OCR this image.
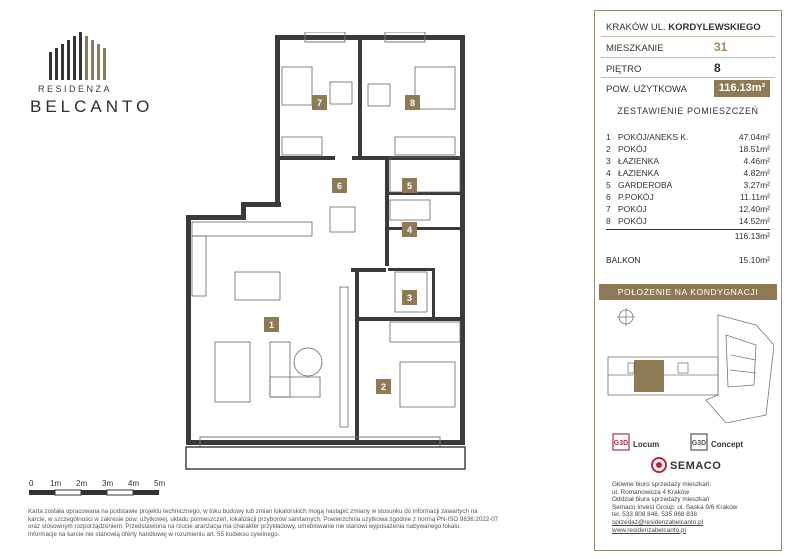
RESIDENZA
BELCANTO
1
2
3
4
5
6
7	8
0 1m 2m 3m 4m 5m
Karta została opracowana na podstawie projektu technicznego, w toku budowy lub zmian lokatorskich mogą nastąpić zmiany w stosunku do informacji zawartych na
karcie, w szczególności w zakresie pow. użytkowej, układu pomieszczeń, lokalizacji przyborów sanitarnych. Powierzchnia użytkowa zgodnie z normą PN-ISO 9836:2022-07
oraz stosownym rozporządzeniem. Przedstawiona na rzucie aranżacja ma charakter przykładowy, umeblowanie nie stanowi wyposażenia nabywanego lokalu.
Informacje na karcie nie stanowią oferty handlowej w rozumieniu art. 55 kodeksu cywilnego.
KRAKÓW UL. KORDYLEWSKIEGO
MIESZKANIE	31
PIĘTRO	8
POW. UŻYTKOWA	116.13m²
ZESTAWIENIE POMIESZCZEŃ
1 POKÓJ/ANEKS K.	47.04m²
2 POKÓJ	18.51m²
3 ŁAZIENKA	4.46m²
4 ŁAZIENKA	4.82m²
5 GARDEROBA	3.27m²
6 P.POKÓJ	11.11m²
7 POKÓJ	12.40m²
8 POKÓJ	14.52m²
116.13m²
BALKON	15.10m²
POŁOŻENIE NA KONDYGNACJI
G3D Locum	G3D Concept
SEMACO
Główne biuro sprzedaży mieszkań:
ul. Romanowicza 4 Kraków
Oddział biura sprzedaży mieszkań
Semaco Invest Group: ul. Saska 9/6 Kraków
tel. 533 808 848, 535 868 838
sprzedaz@residenzabelcanto.pl
www.residenzabelcanto.pl
